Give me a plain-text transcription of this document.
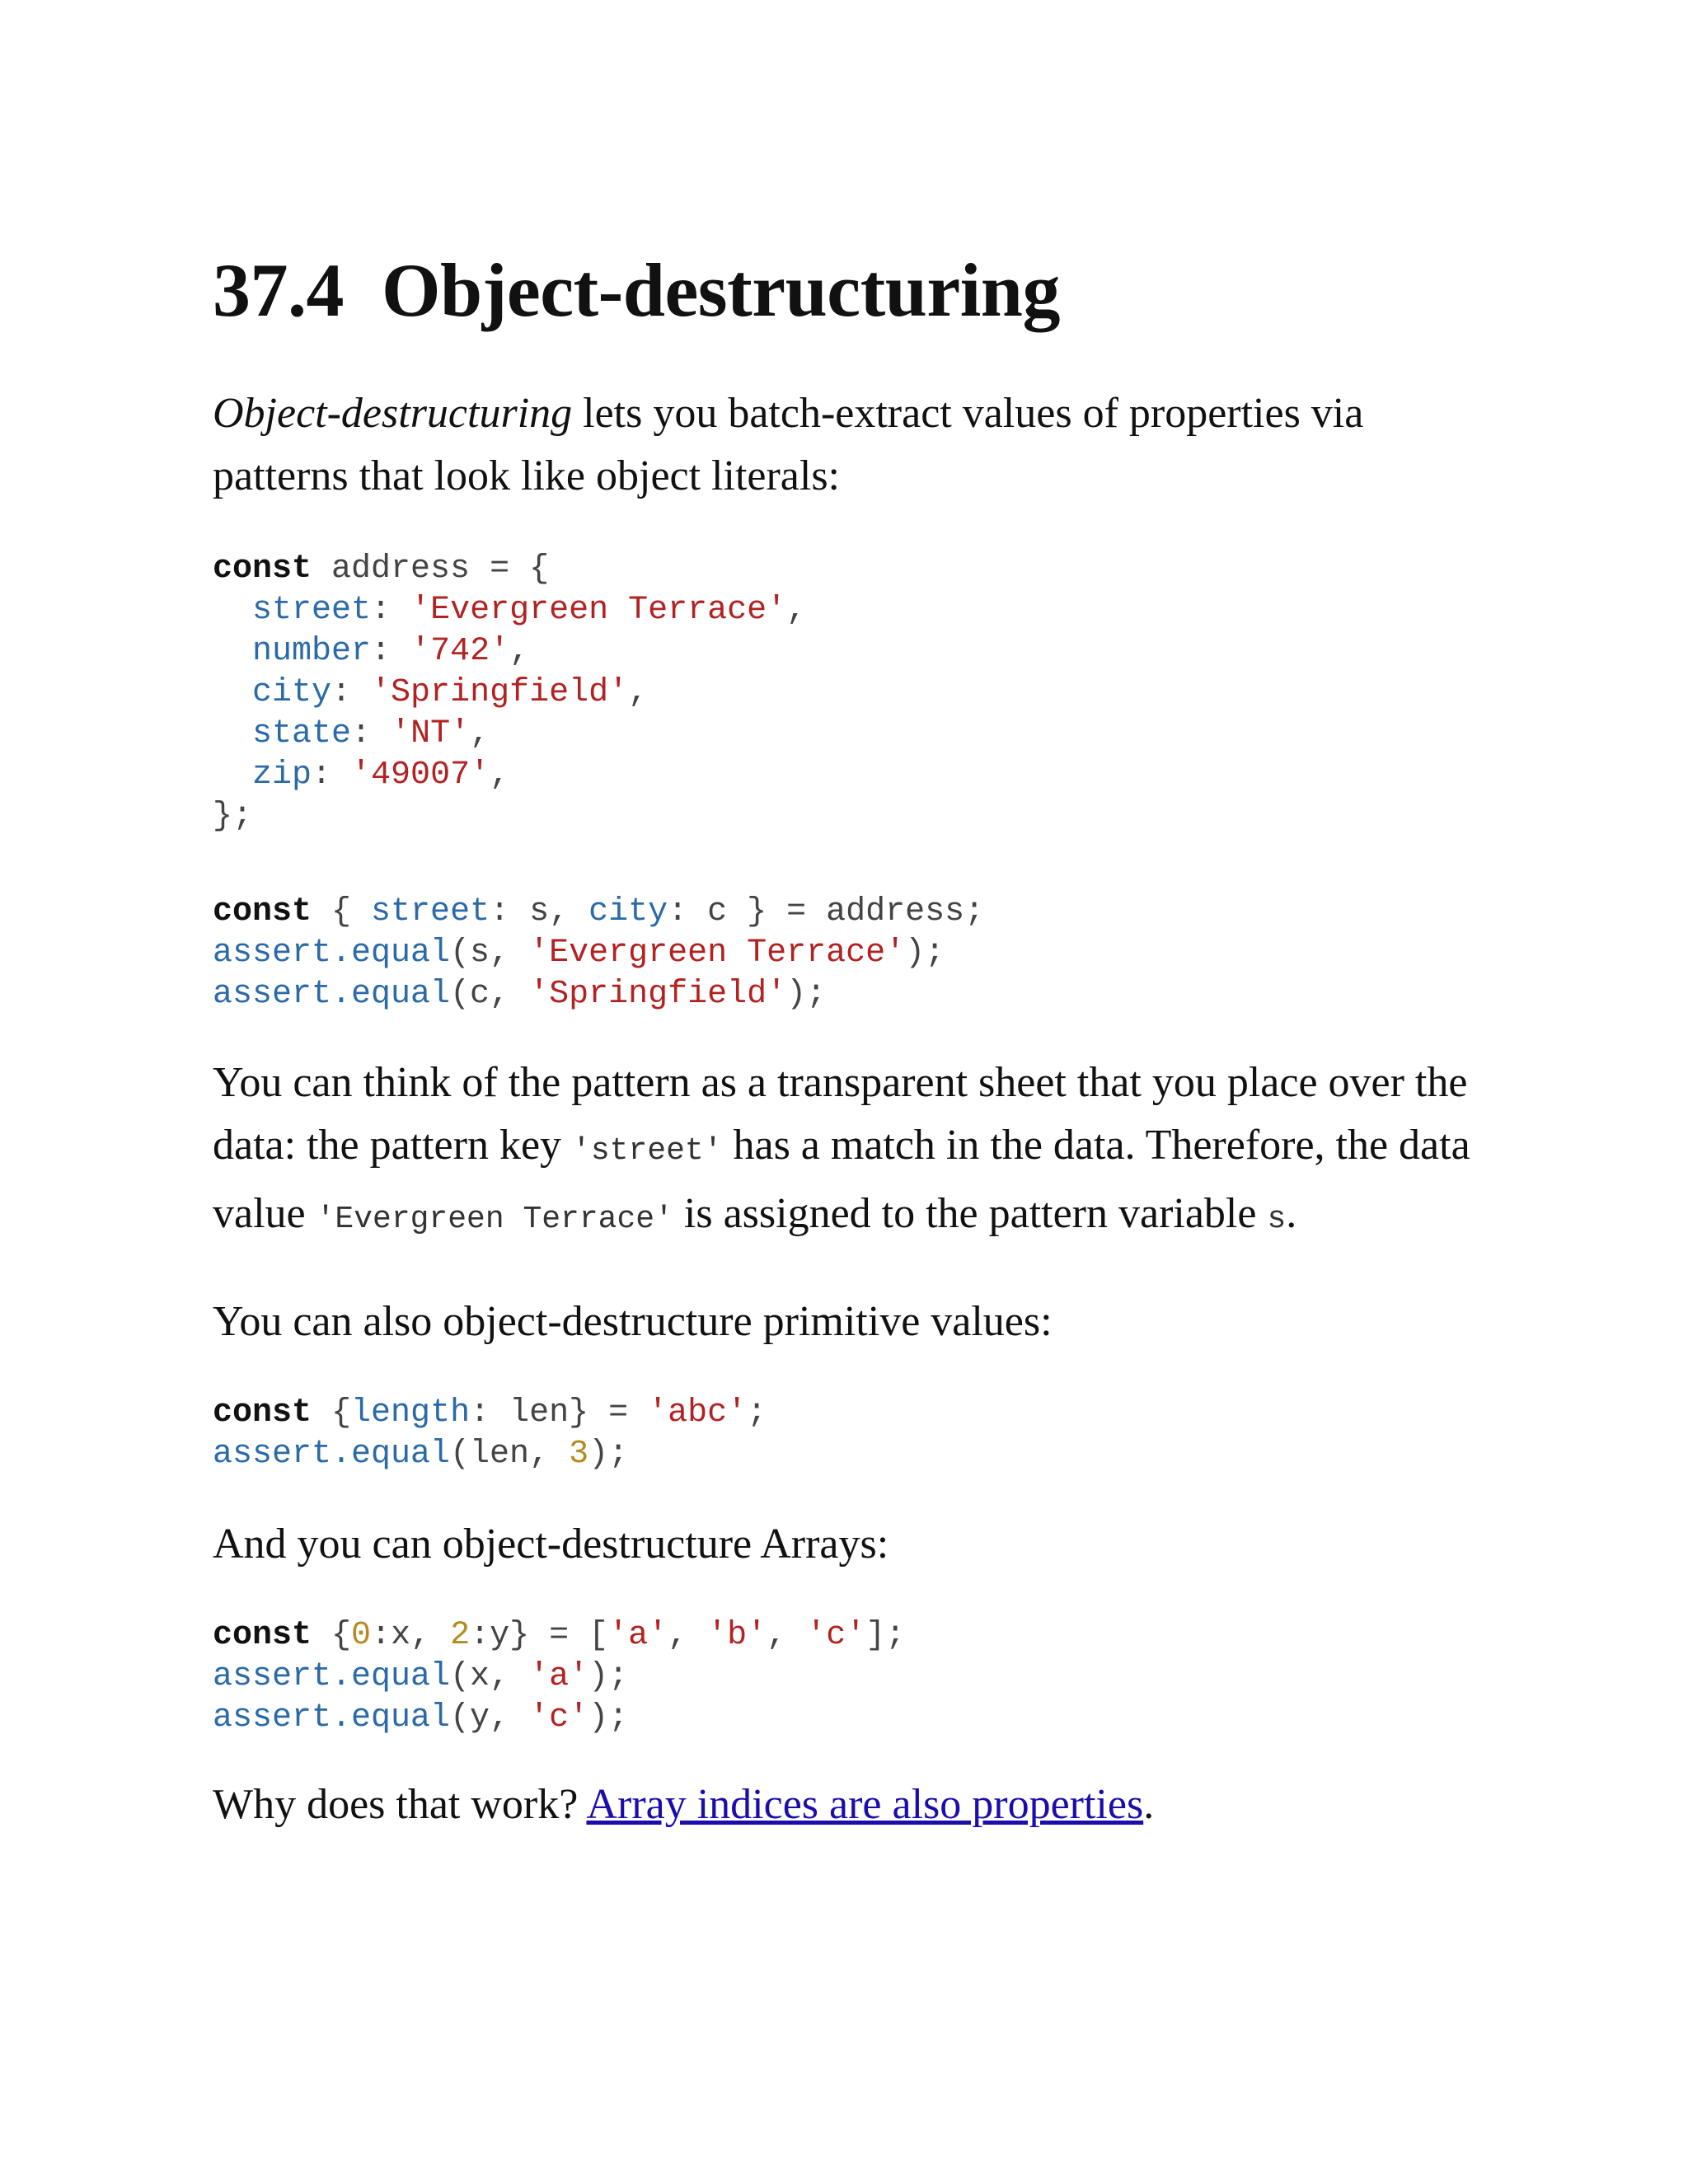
37.4 Object-destructuring

Object-destructuring lets you batch-extract values of properties via patterns that look like object literals:

const address = {
street: 'Evergreen Terrace',
number: '742',
city: 'Springfield',
state: 'NT',
zip: '49007',
};
const { street: s, city: c } = address;
assert.equal(s, 'Evergreen Terrace');
assert.equal(c, 'Springfield');

You can think of the pattern as a transparent sheet that you place over the data: the pattern key 'street' has a match in the data. Therefore, the data value 'Evergreen Terrace' is assigned to the pattern variable s.

You can also object-destructure primitive values:

const {length: len} = 'abc';
assert.equal(len, 3);

And you can object-destructure Arrays:

const {0:x, 2:y} = ['a', 'b', 'c'];
assert.equal(x, 'a');
assert.equal(y, 'c');

Why does that work? Array indices are also properties.
